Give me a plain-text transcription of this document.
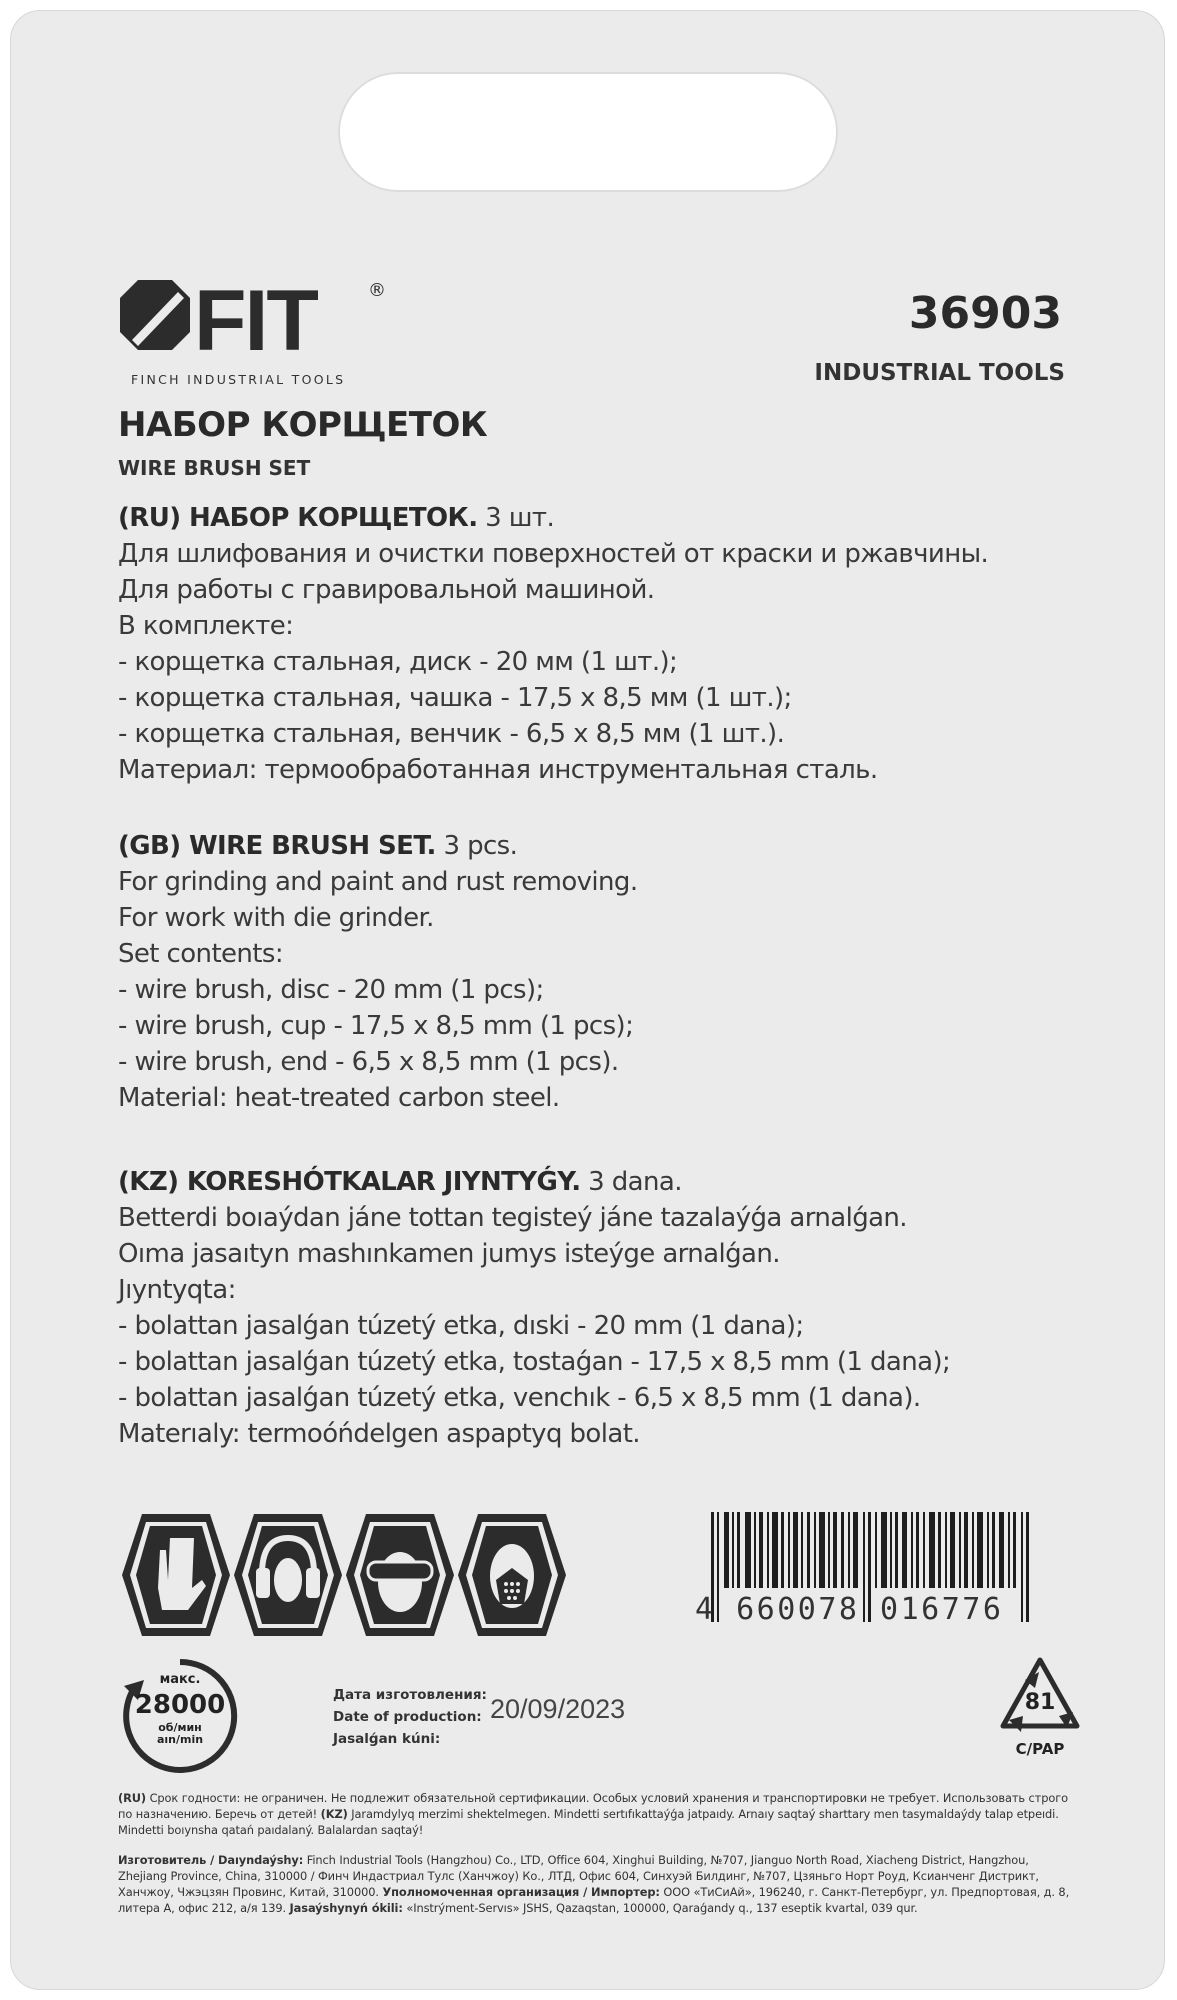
FIT	®
FINCH INDUSTRIAL TOOLS
36903
INDUSTRIAL TOOLS
НАБОР КОРЩЕТОК
WIRE BRUSH SET

(RU) НАБОР КОРЩЕТОК. 3 шт.

Для шлифования и очистки поверхностей от краски и ржавчины.

Для работы с гравировальной машиной.

В комплекте:

- корщетка стальная, диск - 20 мм (1 шт.);

- корщетка стальная, чашка - 17,5 х 8,5 мм (1 шт.);

- корщетка стальная, венчик - 6,5 х 8,5 мм (1 шт.).

Материал: термообработанная инструментальная сталь.

(GB) WIRE BRUSH SET. 3 pcs.

For grinding and paint and rust removing.

For work with die grinder.

Set contents:

- wire brush, disc - 20 mm (1 pcs);

- wire brush, cup - 17,5 x 8,5 mm (1 pcs);

- wire brush, end - 6,5 x 8,5 mm (1 pcs).

Material: heat-treated carbon steel.

(KZ) KORESHÓTKALAR JIYNTYǴY. 3 dana.

Betterdi boıaýdan jáne tottan tegisteý jáne tazalaýǵa arnalǵan.

Oıma jasaıtyn mashınkamen jumys isteýge arnalǵan.

Jıyntyqta:

- bolattan jasalǵan túzetý etka, dıski - 20 mm (1 dana);

- bolattan jasalǵan túzetý etka, tostaǵan - 17,5 x 8,5 mm (1 dana);

- bolattan jasalǵan túzetý etka, venchık - 6,5 x 8,5 mm (1 dana).

Materıaly: termoóńdelgen aspaptyq bolat.

4 660078 016776
макс.
28000
об/мин
aın/min
Дата изготовления:
Date of production:
Jasalǵan kúni:
20/09/2023	81
C/PAP

(RU) Срок годности: не ограничен. Не подлежит обязательной сертификации. Особых условий хранения и транспортировки не требует. Использовать строго по назначению. Беречь от детей! (KZ) Jaramdylyq merzimi shektelmegen. Mindetti sertıfıkattaýǵa jatpaıdy. Arnaıy saqtaý sharttary men tasymaldaýdy talap etpeıdi. Mindetti boıynsha qatań paıdalaný. Balalardan saqtaý!

Изготовитель / Daıyndaýshy: Finch Industrial Tools (Hangzhou) Co., LTD, Office 604, Xinghui Building, №707, Jianguo North Road, Xiacheng District, Hangzhou, Zhejiang Province, China, 310000 / Финч Индастриал Тулс (Ханчжоу) Ко., ЛТД, Офис 604, Синхуэй Билдинг, №707, Цзяньго Норт Роуд, Ксианченг Дистрикт, Ханчжоу, Чжэцзян Провинс, Китай, 310000. Уполномоченная организация / Импортер: ООО «ТиСиАй», 196240, г. Санкт-Петербург, ул. Предпортовая, д. 8, литера А, офис 212, а/я 139. Jasaýshynyń ókili: «Instrýment-Servıs» JSHS, Qazaqstan, 100000, Qaraǵandy q., 137 eseptik kvartal, 039 qur.
